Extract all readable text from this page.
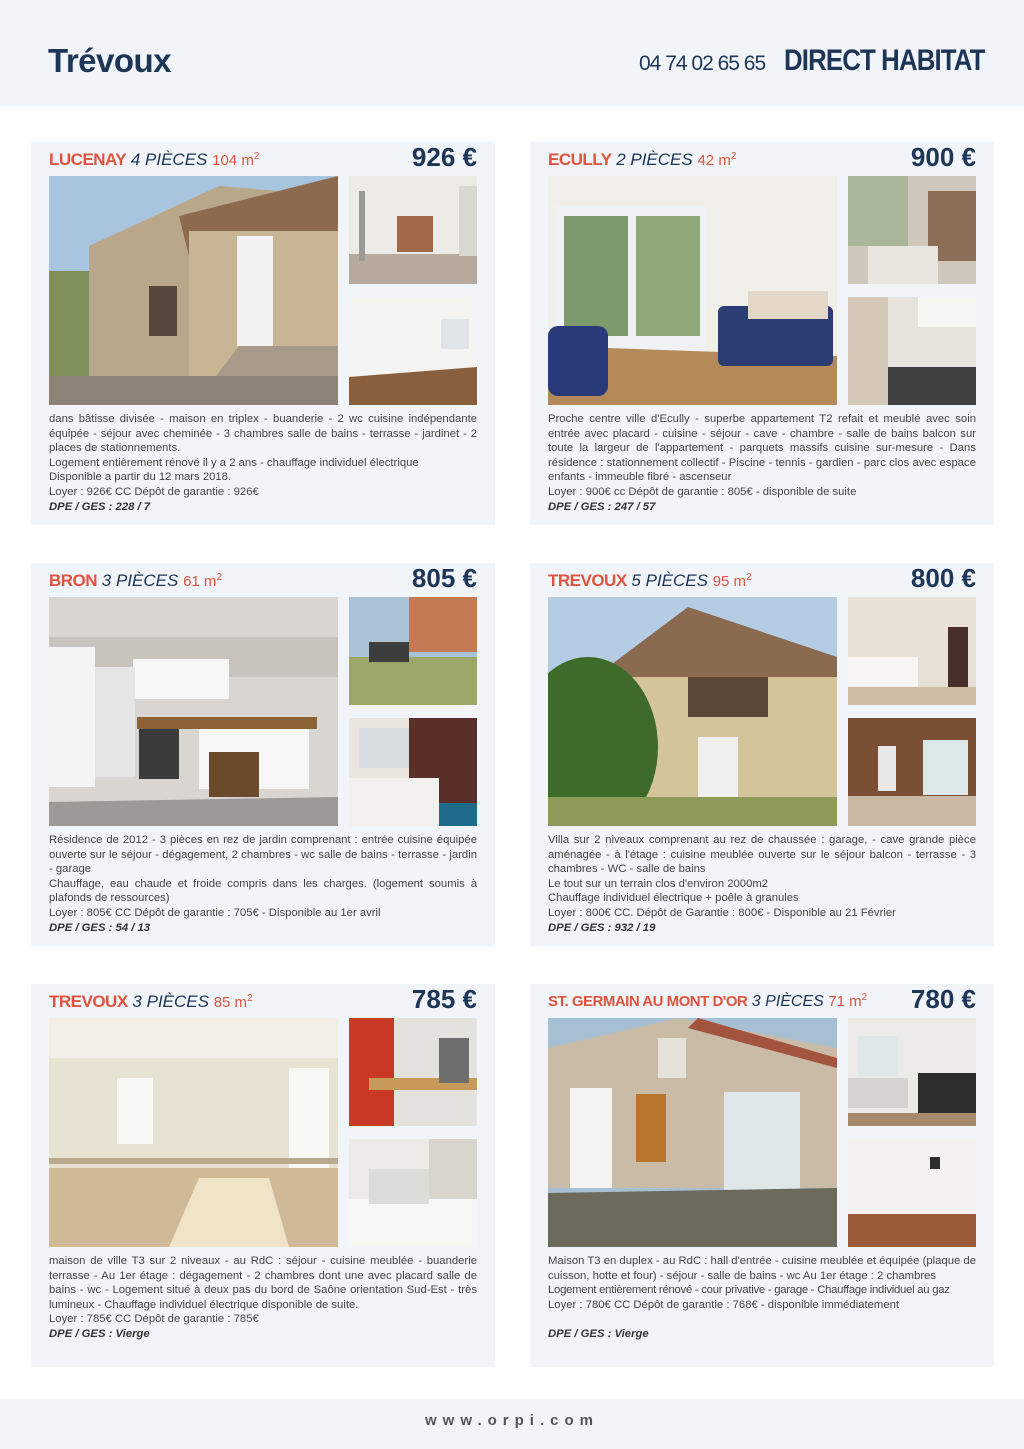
Trévoux	04 74 02 65 65 DIRECT HABITAT
LUCENAY 4 PIÈCES 104 $m^2$	926 €

dans bâtisse divisée - maison en triplex - buanderie - 2 wc cuisine indépendante équipée - séjour avec cheminée - 3 chambres salle de bains - terrasse - jardinet - 2 places de stationnements.

Logement entièrement rénové il y a 2 ans - chauffage individuel électrique

Disponible a partir du 12 mars 2018.

Loyer : 926€ CC Dépôt de garantie : 926€

DPE / GES : 228 / 7

ECULLY 2 PIÈCES 42 $m^2$	900 €

Proche centre ville d'Ecully - superbe appartement T2 refait et meublé avec soin entrée avec placard - cuisine - séjour - cave - chambre - salle de bains balcon sur toute la largeur de l'appartement - parquets massifs cuisine sur-mesure - Dans résidence : stationnement collectif - Piscine - tennis - gardien - parc clos avec espace enfants - immeuble fibré - ascenseur

Loyer : 900€ cc Dépôt de garantie : 805€ - disponible de suite

DPE / GES : 247 / 57

BRON 3 PIÈCES 61 $m^2$	805 €

Résidence de 2012 - 3 pièces en rez de jardin comprenant : entrée cuisine équipée ouverte sur le séjour - dégagement, 2 chambres - wc salle de bains - terrasse - jardin - garage

Chauffage, eau chaude et froide compris dans les charges. (logement soumis à plafonds de ressources)

Loyer : 805€ CC Dépôt de garantie : 705€ - Disponible au 1er avril

DPE / GES : 54 / 13

TREVOUX 5 PIÈCES 95 $m^2$	800 €

Villa sur 2 niveaux comprenant au rez de chaussée : garage, - cave grande pièce aménagée - à l'étage : cuisine meublée ouverte sur le séjour balcon - terrasse - 3 chambres - WC - salle de bains

Le tout sur un terrain clos d'environ 2000m2

Chauffage individuel électrique + poêle à granules

Loyer : 800€ CC. Dépôt de Garantie : 800€ - Disponible au 21 Février

DPE / GES : 932 / 19

TREVOUX 3 PIÈCES 85 $m^2$	785 €

maison de ville T3 sur 2 niveaux - au RdC : séjour - cuisine meublée - buanderie terrasse - Au 1er étage : dégagement - 2 chambres dont une avec placard salle de bains - wc - Logement situé à deux pas du bord de Saône orientation Sud-Est - très lumineux - Chauffage individuel électrique disponible de suite.

Loyer : 785€ CC Dépôt de garantie : 785€

DPE / GES : Vierge

ST. GERMAIN AU MONT D'OR 3 PIÈCES 71 $m^2$ 780 €

Maison T3 en duplex - au RdC : hall d'entrée - cuisine meublée et équipée (plaque de cuisson, hotte et four) - séjour - salle de bains - wc Au 1er étage : 2 chambres

Logement entièrement rénové - cour privative - garage - Chauffage individuel au gaz

Loyer : 780€ CC Dépôt de garantie : 768€ - disponible immédiatement

DPE / GES : Vierge

www.orpi.com
